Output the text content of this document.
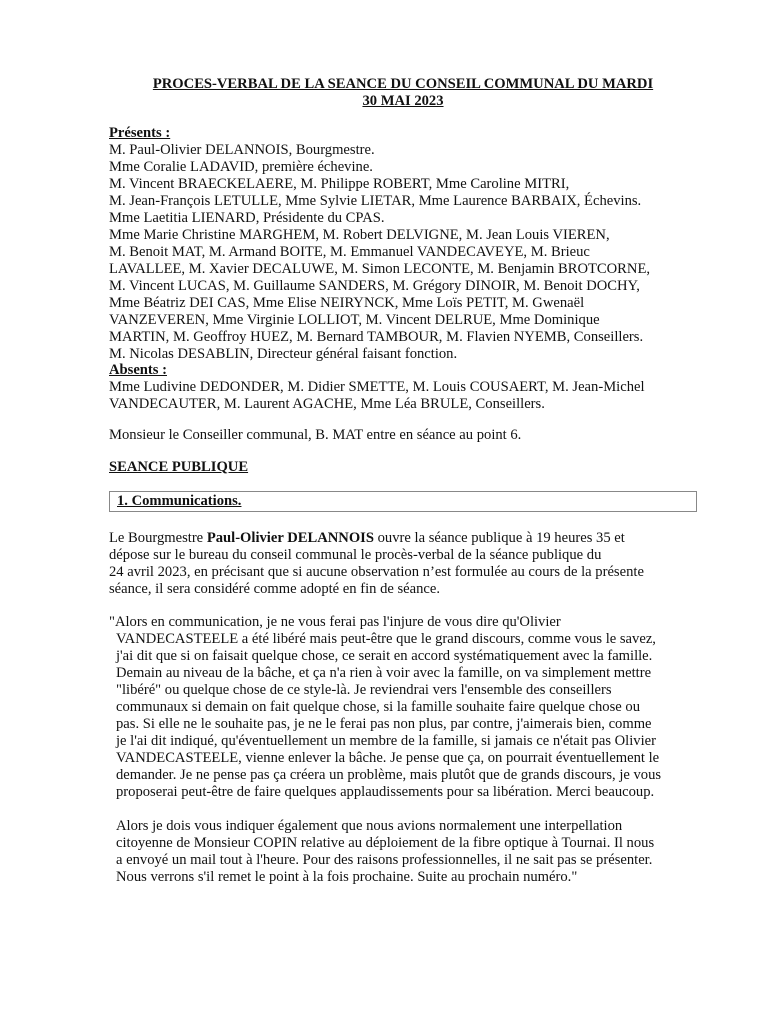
PROCES-VERBAL DE LA SEANCE DU CONSEIL COMMUNAL DU MARDI
30 MAI 2023
Présents :
M. Paul-Olivier DELANNOIS, Bourgmestre.
Mme Coralie LADAVID, première échevine.
M. Vincent BRAECKELAERE, M. Philippe ROBERT, Mme Caroline MITRI,
M. Jean-François LETULLE, Mme Sylvie LIETAR, Mme Laurence BARBAIX, Échevins.
Mme Laetitia LIENARD, Présidente du CPAS.
Mme Marie Christine MARGHEM, M. Robert DELVIGNE, M. Jean Louis VIEREN,
M. Benoit MAT, M. Armand BOITE, M. Emmanuel VANDECAVEYE, M. Brieuc
LAVALLEE, M. Xavier DECALUWE, M. Simon LECONTE, M. Benjamin BROTCORNE,
M. Vincent LUCAS, M. Guillaume SANDERS, M. Grégory DINOIR, M. Benoit DOCHY,
Mme Béatriz DEI CAS, Mme Elise NEIRYNCK, Mme Loïs PETIT, M. Gwenaël
VANZEVEREN, Mme Virginie LOLLIOT, M. Vincent DELRUE, Mme Dominique
MARTIN, M. Geoffroy HUEZ, M. Bernard TAMBOUR, M. Flavien NYEMB, Conseillers.
M. Nicolas DESABLIN, Directeur général faisant fonction.
Absents :
Mme Ludivine DEDONDER, M. Didier SMETTE, M. Louis COUSAERT, M. Jean-Michel
VANDECAUTER, M. Laurent AGACHE, Mme Léa BRULE, Conseillers.
Monsieur le Conseiller communal, B. MAT entre en séance au point 6.
SEANCE PUBLIQUE
1. Communications.
Le Bourgmestre Paul-Olivier DELANNOIS ouvre la séance publique à 19 heures 35 et
dépose sur le bureau du conseil communal le procès-verbal de la séance publique du
24 avril 2023, en précisant que si aucune observation n’est formulée au cours de la présente
séance, il sera considéré comme adopté en fin de séance.
"Alors en communication, je ne vous ferai pas l'injure de vous dire qu'Olivier
VANDECASTEELE a été libéré mais peut-être que le grand discours, comme vous le savez,
j'ai dit que si on faisait quelque chose, ce serait en accord systématiquement avec la famille.
Demain au niveau de la bâche, et ça n'a rien à voir avec la famille, on va simplement mettre
"libéré" ou quelque chose de ce style-là. Je reviendrai vers l'ensemble des conseillers
communaux si demain on fait quelque chose, si la famille souhaite faire quelque chose ou
pas. Si elle ne le souhaite pas, je ne le ferai pas non plus, par contre, j'aimerais bien, comme
je l'ai dit indiqué, qu'éventuellement un membre de la famille, si jamais ce n'était pas Olivier
VANDECASTEELE, vienne enlever la bâche. Je pense que ça, on pourrait éventuellement le
demander. Je ne pense pas ça créera un problème, mais plutôt que de grands discours, je vous
proposerai peut-être de faire quelques applaudissements pour sa libération. Merci beaucoup.
Alors je dois vous indiquer également que nous avions normalement une interpellation
citoyenne de Monsieur COPIN relative au déploiement de la fibre optique à Tournai. Il nous
a envoyé un mail tout à l'heure. Pour des raisons professionnelles, il ne sait pas se présenter.
Nous verrons s'il remet le point à la fois prochaine. Suite au prochain numéro."
